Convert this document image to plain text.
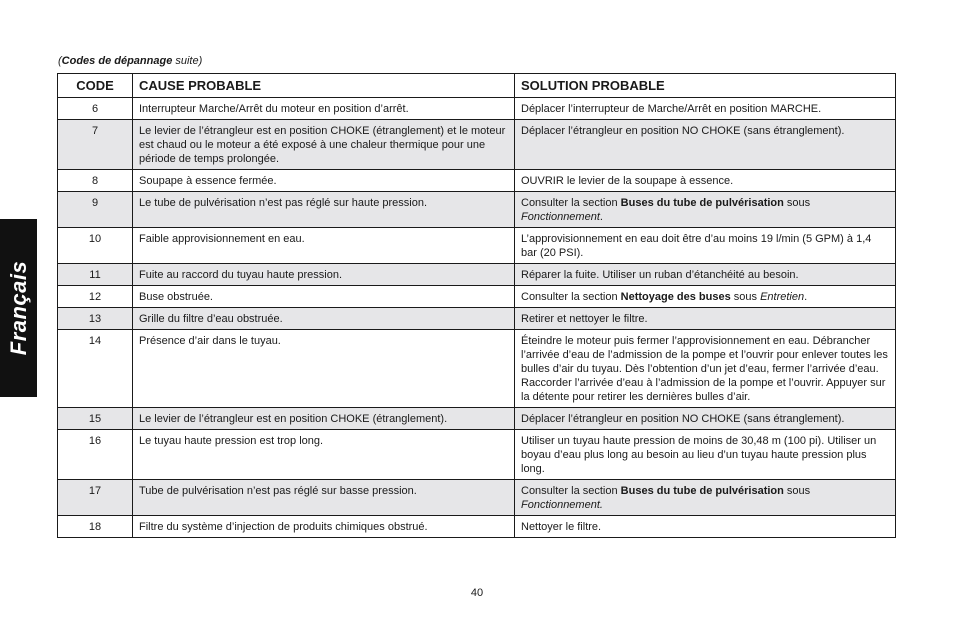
Français
(Codes de dépannage suite)
CODE	CAUSE PROBABLE	SOLUTION PROBABLE
6	Interrupteur Marche/Arrêt du moteur en position d’arrêt.	Déplacer l’interrupteur de Marche/Arrêt en position MARCHE.
7	Le levier de l’étrangleur est en position CHOKE (étranglement) et le moteur est chaud ou le moteur a été exposé à une chaleur thermique pour une période de temps prolongée.	Déplacer l’étrangleur en position NO CHOKE (sans étranglement).
8	Soupape à essence fermée.	OUVRIR le levier de la soupape à essence.
9	Le tube de pulvérisation n’est pas réglé sur haute pression.	Consulter la section Buses du tube de pulvérisation sous Fonctionnement.
10	Faible approvisionnement en eau.	L’approvisionnement en eau doit être d’au moins 19 l/min (5 GPM) à 1,4 bar (20 PSI).
11	Fuite au raccord du tuyau haute pression.	Réparer la fuite. Utiliser un ruban d’étanchéité au besoin.
12	Buse obstruée.	Consulter la section Nettoyage des buses sous Entretien.
13	Grille du filtre d’eau obstruée.	Retirer et nettoyer le filtre.
14	Présence d’air dans le tuyau.	Éteindre le moteur puis fermer l’approvisionnement en eau. Débrancher l’arrivée d’eau de l’admission de la pompe et l’ouvrir pour enlever toutes les bulles d’air du tuyau. Dès l’obtention d’un jet d’eau, fermer l’arrivée d’eau. Raccorder l’arrivée d’eau à l’admission de la pompe et l’ouvrir. Appuyer sur la détente pour retirer les dernières bulles d’air.
15	Le levier de l’étrangleur est en position CHOKE (étranglement).	Déplacer l’étrangleur en position NO CHOKE (sans étranglement).
16	Le tuyau haute pression est trop long.	Utiliser un tuyau haute pression de moins de 30,48 m (100 pi). Utiliser un boyau d’eau plus long au besoin au lieu d’un tuyau haute pression plus long.
17	Tube de pulvérisation n’est pas réglé sur basse pression.	Consulter la section Buses du tube de pulvérisation sous Fonctionnement.
18	Filtre du système d’injection de produits chimiques obstrué.	Nettoyer le filtre.
40
